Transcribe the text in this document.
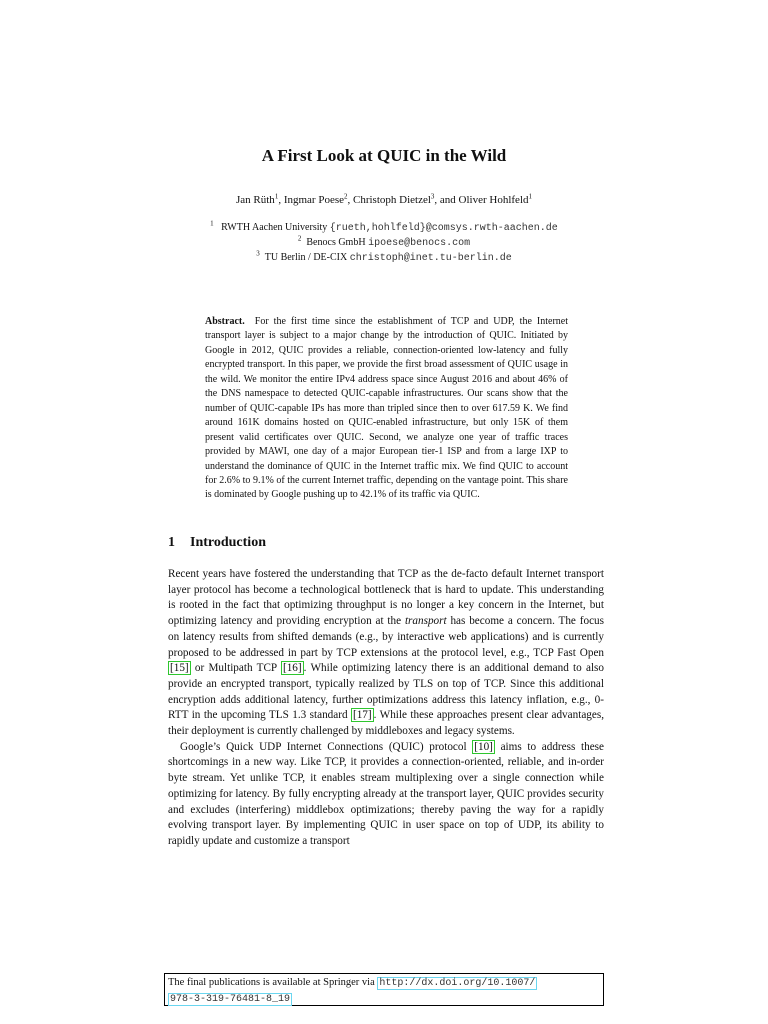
A First Look at QUIC in the Wild
Jan Rüth$^1$, Ingmar Poese$^2$, Christoph Dietzel$^3$, and Oliver Hohlfeld$^1$
$^1$ RWTH Aachen University {rueth,hohlfeld}@comsys.rwth-aachen.de
$^2$ Benocs GmbH ipoese@benocs.com
$^3$ TU Berlin / DE-CIX christoph@inet.tu-berlin.de

Abstract. For the first time since the establishment of TCP and UDP, the Internet transport layer is subject to a major change by the introduction of QUIC. Initiated by Google in 2012, QUIC provides a reliable, connection-oriented low-latency and fully encrypted transport. In this paper, we provide the first broad assessment of QUIC usage in the wild. We monitor the entire IPv4 address space since August 2016 and about 46% of the DNS namespace to detected QUIC-capable infrastructures. Our scans show that the number of QUIC-capable IPs has more than tripled since then to over 617.59 K. We find around 161K domains hosted on QUIC-enabled infrastructure, but only 15K of them present valid certificates over QUIC. Second, we analyze one year of traffic traces provided by MAWI, one day of a major European tier-1 ISP and from a large IXP to understand the dominance of QUIC in the Internet traffic mix. We find QUIC to account for 2.6% to 9.1% of the current Internet traffic, depending on the vantage point. This share is dominated by Google pushing up to 42.1% of its traffic via QUIC.

1 Introduction

Recent years have fostered the understanding that TCP as the de-facto default Internet transport layer protocol has become a technological bottleneck that is hard to update. This understanding is rooted in the fact that optimizing throughput is no longer a key concern in the Internet, but optimizing latency and providing encryption at the transport has become a concern. The focus on latency results from shifted demands (e.g., by interactive web applications) and is currently proposed to be addressed in part by TCP extensions at the protocol level, e.g., TCP Fast Open [15] or Multipath TCP [16] . While optimizing latency there is an additional demand to also provide an encrypted transport, typically realized by TLS on top of TCP. Since this additional encryption adds additional latency, further optimizations address this latency inflation, e.g., 0-RTT in the upcoming TLS 1.3 standard [17] . While these approaches present clear advantages, their deployment is currently challenged by middleboxes and legacy systems.

Google’s Quick UDP Internet Connections (QUIC) protocol [10] aims to address these shortcomings in a new way. Like TCP, it provides a connection-oriented, reliable, and in-order byte stream. Yet unlike TCP, it enables stream multiplexing over a single connection while optimizing for latency. By fully encrypting already at the transport layer, QUIC provides security and excludes (interfering) middlebox optimizations; thereby paving the way for a rapidly evolving transport layer. By implementing QUIC in user space on top of UDP, its ability to rapidly update and customize a transport

The final publications is available at Springer via http://dx.doi.org/10.1007/
978-3-319-76481-8_19
